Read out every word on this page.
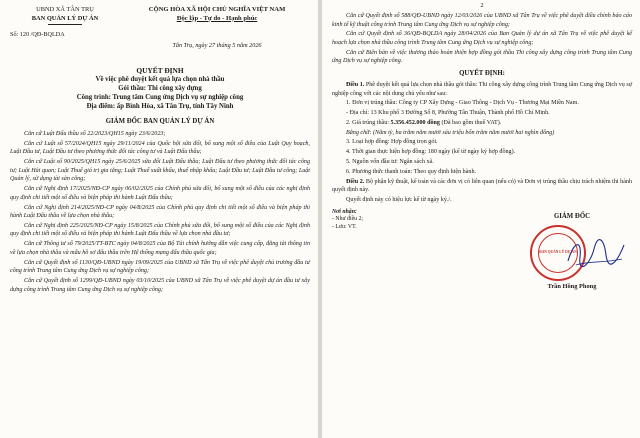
UBND XÃ TÂN TRỤ
BAN QUẢN LÝ DỰ ÁN
Số: 120 /QĐ-BQLDA
CỘNG HÒA XÃ HỘI CHỦ NGHĨA VIỆT NAM
Độc lập - Tự do - Hạnh phúc
Tân Trụ, ngày 27 tháng 5 năm 2026
QUYẾT ĐỊNH
Về việc phê duyệt kết quả lựa chọn nhà thầu
Gói thầu: Thi công xây dựng
Công trình: Trung tâm Cung ứng Dịch vụ sự nghiệp công
Địa điểm: ấp Bình Hòa, xã Tân Trụ, tỉnh Tây Ninh
GIÁM ĐỐC BAN QUẢN LÝ DỰ ÁN

Căn cứ Luật Đấu thầu số 22/2023/QH15 ngày 23/6/2023;

Căn cứ Luật số 57/2024/QH15 ngày 29/11/2024 của Quốc hội sửa đổi, bổ sung một số điều của Luật Quy hoạch, Luật Đầu tư, Luật Đầu tư theo phương thức đối tác công tư và Luật Đấu thầu;

Căn cứ Luật số 90/2025/QH15 ngày 25/6/2025 sửa đổi Luật Đấu thầu; Luật Đầu tư theo phương thức đối tác công tư; Luật Hải quan; Luật Thuế giá trị gia tăng; Luật Thuế xuất khẩu, thuế nhập khẩu; Luật Đầu tư; Luật Đầu tư công; Luật Quản lý, sử dụng tài sản công;

Căn cứ Nghị định 17/2025/NĐ-CP ngày 06/02/2025 của Chính phủ sửa đổi, bổ sung một số điều của các nghị định quy định chi tiết một số điều và biện pháp thi hành Luật Đấu thầu;

Căn cứ Nghị định 214/2025/NĐ-CP ngày 04/8/2025 của Chính phủ quy định chi tiết một số điều và biện pháp thi hành Luật Đấu thầu về lựa chọn nhà thầu;

Căn cứ Nghị định 225/2025/NĐ-CP ngày 15/8/2025 của Chính phủ sửa đổi, bổ sung một số điều của các Nghị định quy định chi tiết một số điều và biện pháp thi hành Luật Đấu thầu về lựa chọn nhà đầu tư;

Căn cứ Thông tư số 79/2025/TT-BTC ngày 04/8/2025 của Bộ Tài chính hướng dẫn việc cung cấp, đăng tải thông tin về lựa chọn nhà thầu và mẫu hồ sơ đấu thầu trên Hệ thống mạng đấu thầu quốc gia;

Căn cứ Quyết định số 1130/QĐ-UBND ngày 19/09/2025 của UBND xã Tân Trụ về việc phê duyệt chủ trương đầu tư công trình Trung tâm Cung ứng Dịch vụ sự nghiệp công;

Căn cứ Quyết định số 1299/QĐ-UBND ngày 03/10/2025 của UBND xã Tân Trụ về việc phê duyệt dự án đầu tư xây dựng công trình Trung tâm Cung ứng Dịch vụ sự nghiệp công;

2

Căn cứ Quyết định số 588/QĐ-UBND ngày 12/03/2026 của UBND xã Tân Trụ về việc phê duyệt điều chỉnh báo cáo kinh tế kỹ thuật công trình Trung tâm Cung ứng Dịch vụ sự nghiệp công;

Căn cứ Quyết định số 36/QĐ-BQLDA ngày 28/04/2026 của Ban Quản lý dự án xã Tân Trụ về việc phê duyệt kế hoạch lựa chọn nhà thầu công trình Trung tâm Cung ứng Dịch vụ sự nghiệp công;

Căn cứ Biên bản về việc thương thảo hoàn thiện hợp đồng gói thầu Thi công xây dựng công trình Trung tâm Cung ứng Dịch vụ sự nghiệp công.

QUYẾT ĐỊNH:

Điều 1. Phê duyệt kết quả lựa chọn nhà thầu gói thầu: Thi công xây dựng công trình Trung tâm Cung ứng Dịch vụ sự nghiệp công với các nội dung chủ yếu như sau:

1. Đơn vị trúng thầu: Công ty CP Xây Dựng - Giao Thông - Dịch Vụ - Thương Mại Miền Nam.

- Địa chỉ: 13 Khu phố 3 Đường Số 8, Phường Tân Thuận, Thành phố Hồ Chí Minh.

2. Giá trúng thầu: 5.356.452.000 đồng (Đã bao gồm thuế VAT).

Bằng chữ: (Năm tỷ, ba trăm năm mươi sáu triệu bốn trăm năm mươi hai nghìn đồng)

3. Loại hợp đồng: Hợp đồng trọn gói.

4. Thời gian thực hiện hợp đồng: 180 ngày (kể từ ngày ký hợp đồng).

5. Nguồn vốn đầu tư: Ngân sách xã.

6. Phương thức thanh toán: Theo quy định hiện hành.

Điều 2. Bộ phận kỹ thuật, kế toán và các đơn vị có liên quan (nếu có) và Đơn vị trúng thầu chịu trách nhiệm thi hành quyết định này.

Quyết định này có hiệu lực kể từ ngày ký./.

Nơi nhận:
- Như điều 2;
- Lưu: VT.
GIÁM ĐỐC
BAN QUẢN LÝ DỰ ÁN
Trần Hồng Phong
